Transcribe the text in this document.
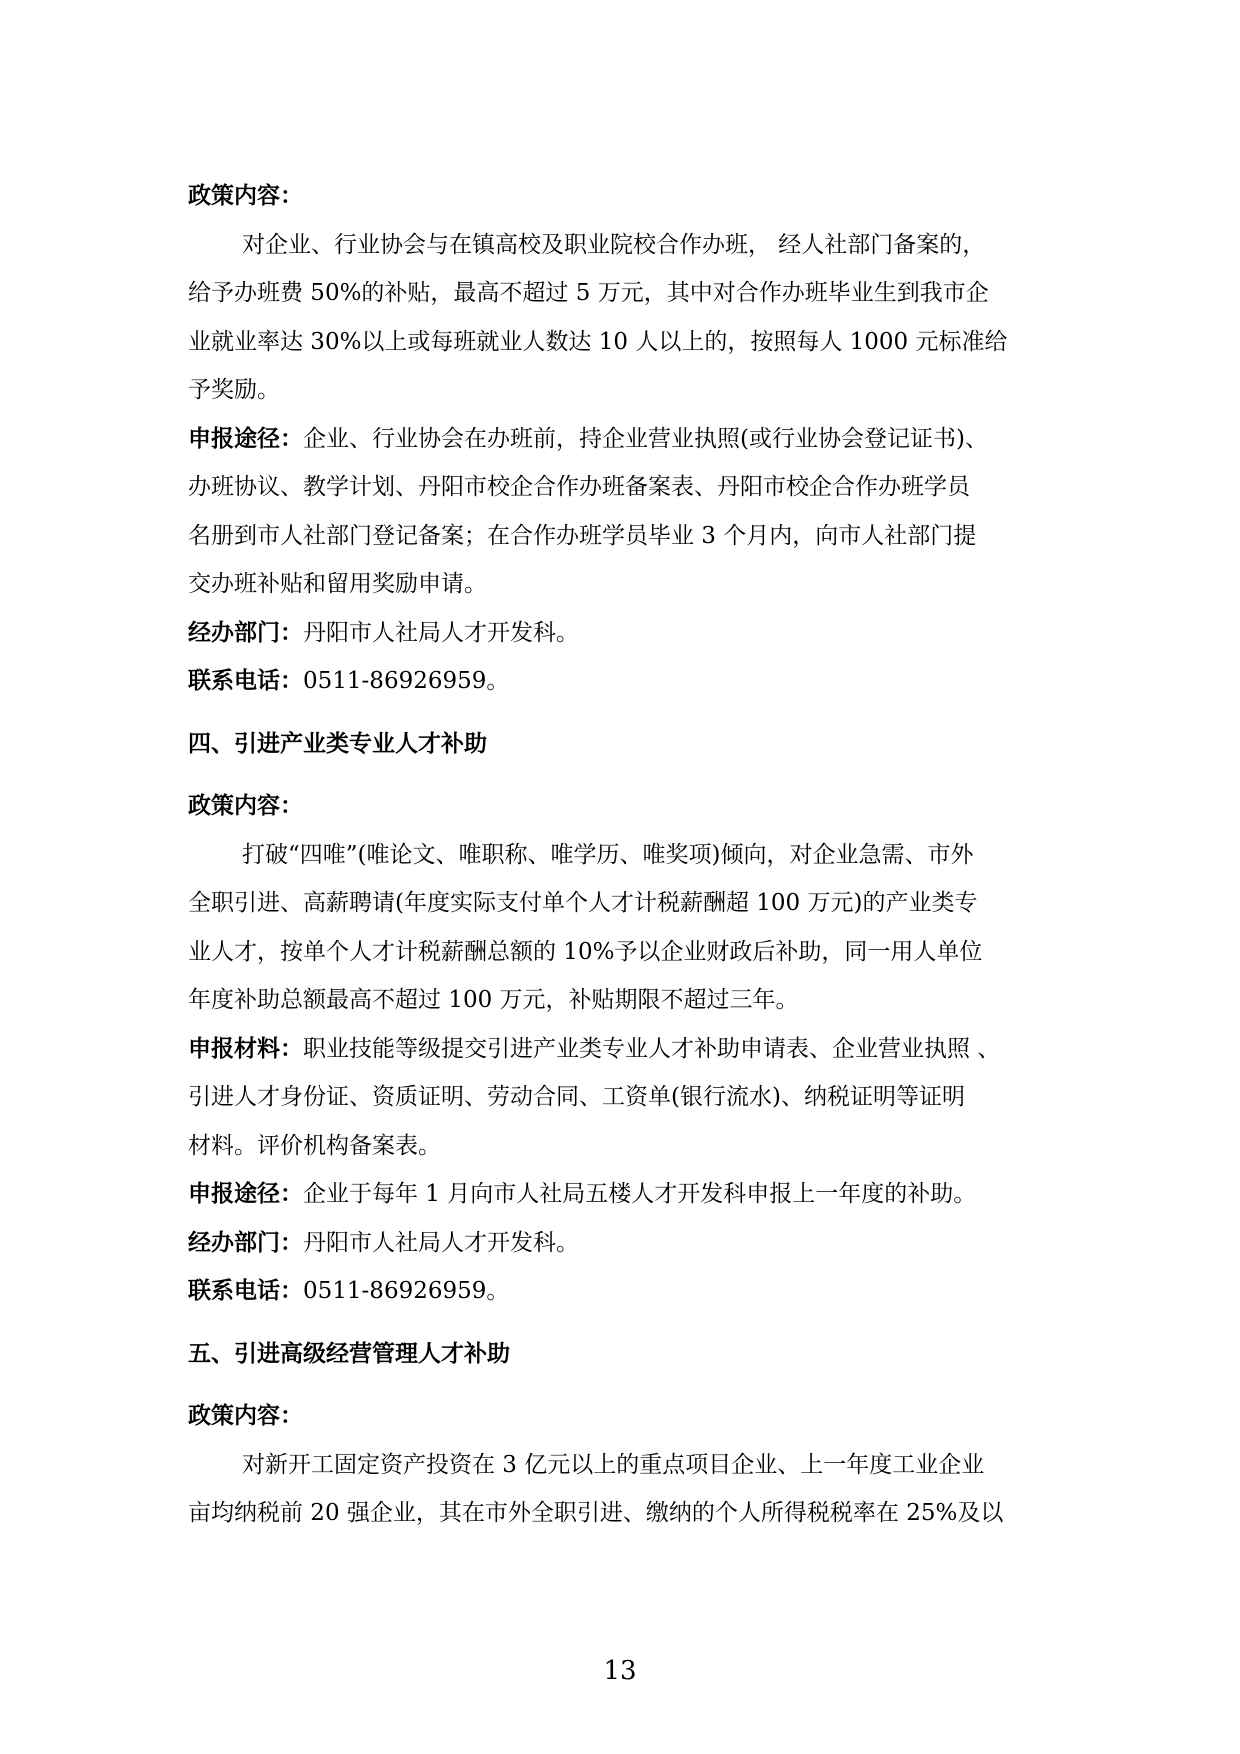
政策内容：
对企业、行业协会与在镇高校及职业院校合作办班， 经人社部门备案的，
给予办班费 50%的补贴，最高不超过 5 万元，其中对合作办班毕业生到我市企
业就业率达 30%以上或每班就业人数达 10 人以上的，按照每人 1000 元标准给
予奖励。
申报途径：企业、行业协会在办班前，持企业营业执照(或行业协会登记证书)、
办班协议、教学计划、丹阳市校企合作办班备案表、丹阳市校企合作办班学员
名册到市人社部门登记备案；在合作办班学员毕业 3 个月内，向市人社部门提
交办班补贴和留用奖励申请。
经办部门：丹阳市人社局人才开发科。
联系电话：0511-86926959。
四、引进产业类专业人才补助
政策内容：
打破“四唯”(唯论文、唯职称、唯学历、唯奖项)倾向，对企业急需、市外
全职引进、高薪聘请(年度实际支付单个人才计税薪酬超 100 万元)的产业类专
业人才，按单个人才计税薪酬总额的 10%予以企业财政后补助，同一用人单位
年度补助总额最高不超过 100 万元，补贴期限不超过三年。
申报材料：职业技能等级提交引进产业类专业人才补助申请表、企业营业执照 、
引进人才身份证、资质证明、劳动合同、工资单(银行流水)、纳税证明等证明
材料。评价机构备案表。
申报途径：企业于每年 1 月向市人社局五楼人才开发科申报上一年度的补助。
经办部门：丹阳市人社局人才开发科。
联系电话：0511-86926959。
五、引进高级经营管理人才补助
政策内容：
对新开工固定资产投资在 3 亿元以上的重点项目企业、上一年度工业企业
亩均纳税前 20 强企业，其在市外全职引进、缴纳的个人所得税税率在 25%及以
13
